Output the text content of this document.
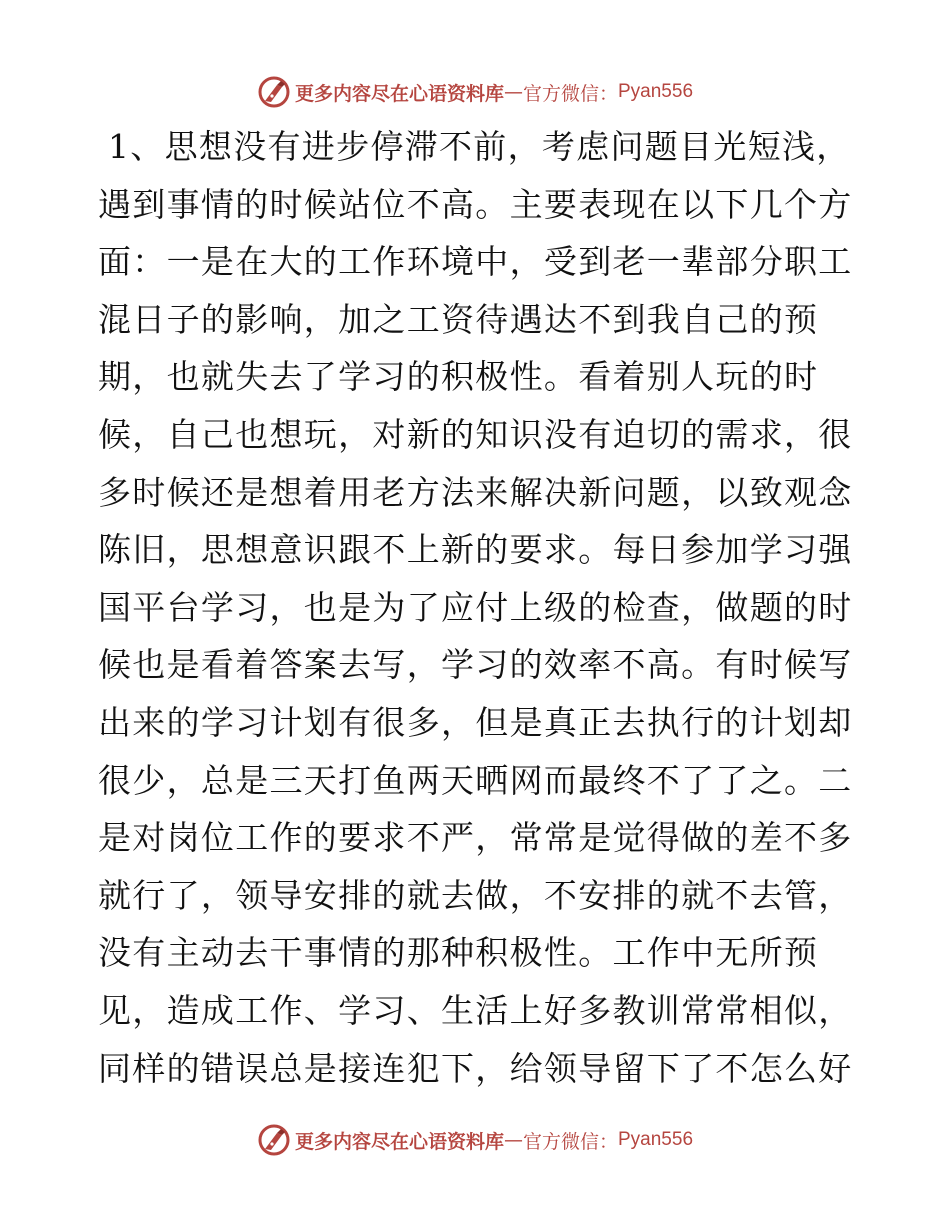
更多内容尽在心语资料库 — 官方微信： Pyan556
1、思想没有进步停滞不前，考虑问题目光短浅，
遇到事情的时候站位不高。主要表现在以下几个方
面：一是在大的工作环境中，受到老一辈部分职工
混日子的影响，加之工资待遇达不到我自己的预
期，也就失去了学习的积极性。看着别人玩的时
候，自己也想玩，对新的知识没有迫切的需求，很
多时候还是想着用老方法来解决新问题，以致观念
陈旧，思想意识跟不上新的要求。每日参加学习强
国平台学习，也是为了应付上级的检查，做题的时
候也是看着答案去写，学习的效率不高。有时候写
出来的学习计划有很多，但是真正去执行的计划却
很少，总是三天打鱼两天晒网而最终不了了之。二
是对岗位工作的要求不严，常常是觉得做的差不多
就行了，领导安排的就去做，不安排的就不去管，
没有主动去干事情的那种积极性。工作中无所预
见，造成工作、学习、生活上好多教训常常相似，
同样的错误总是接连犯下，给领导留下了不怎么好
更多内容尽在心语资料库 — 官方微信： Pyan556
